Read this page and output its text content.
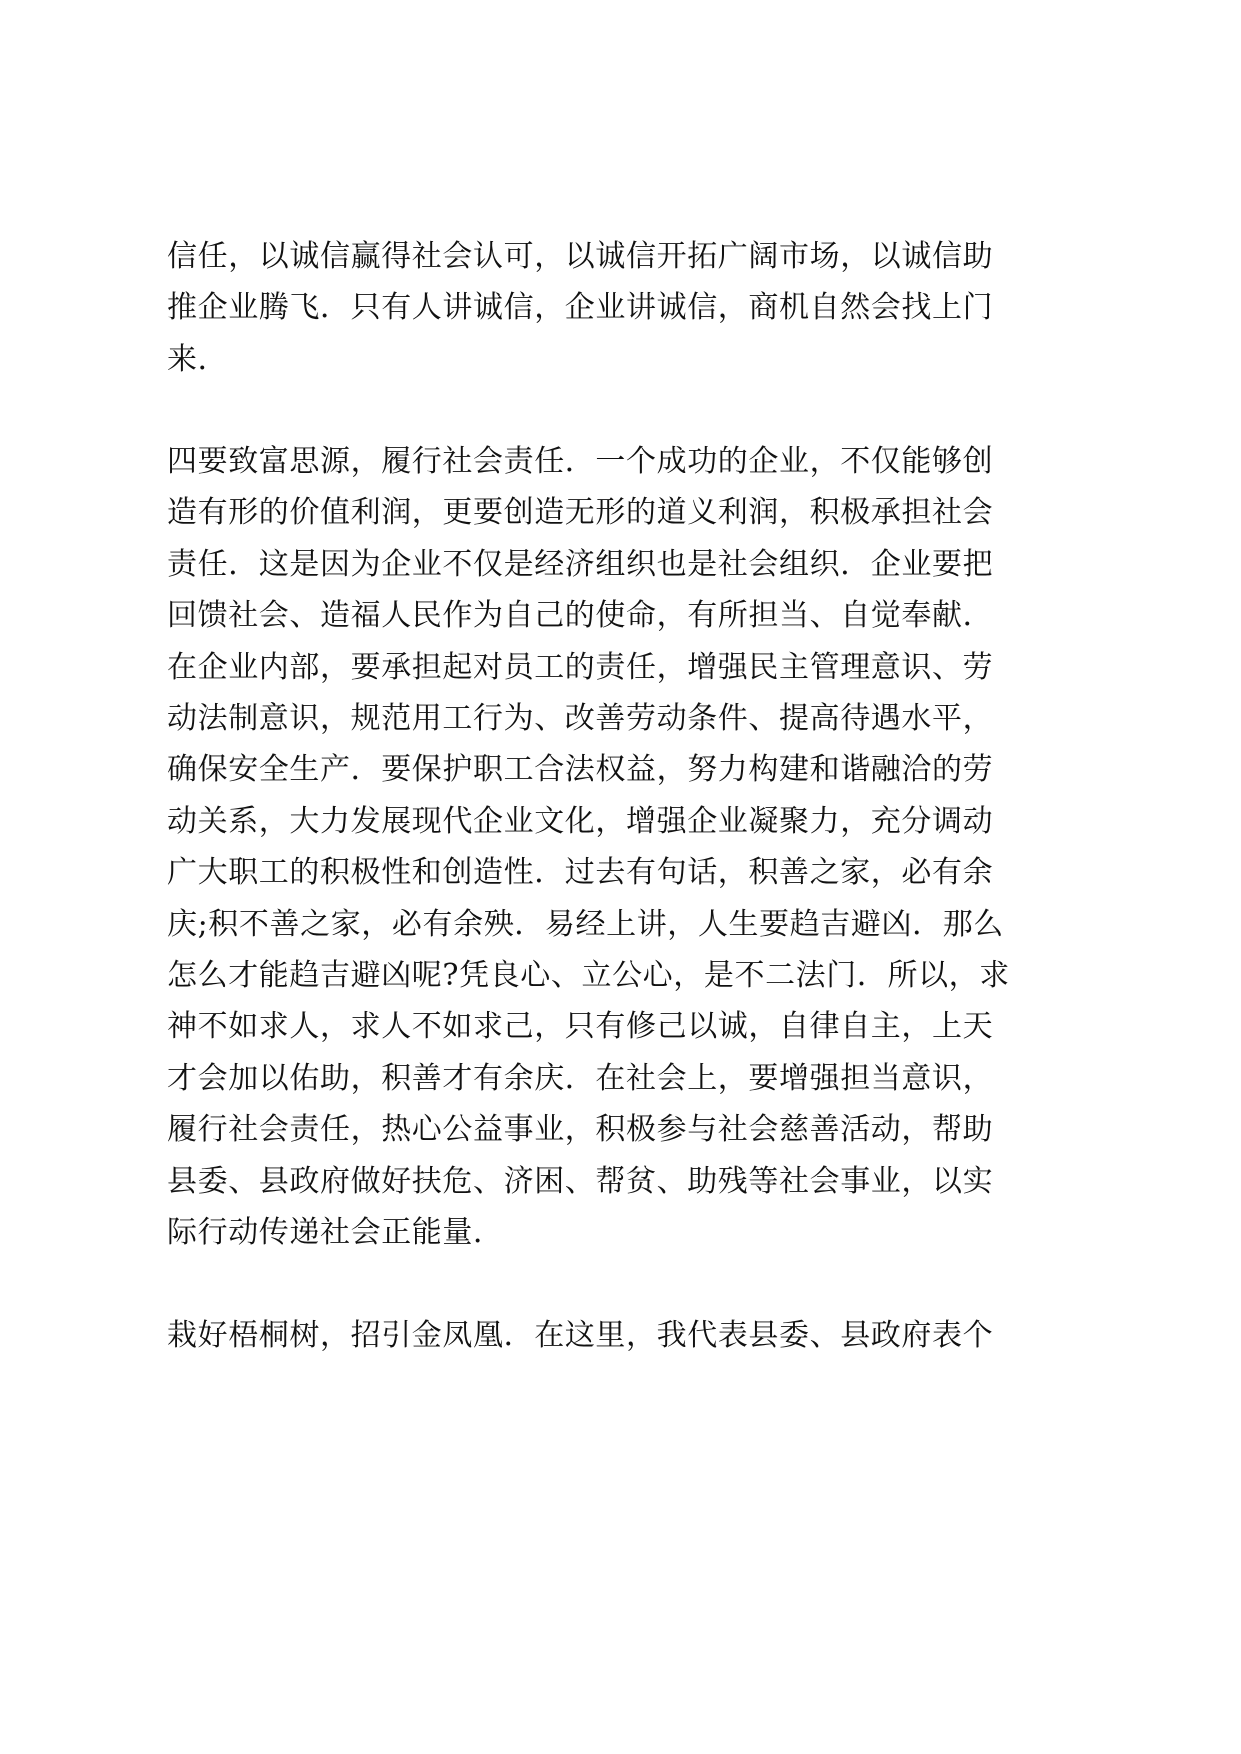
信任，以诚信赢得社会认可，以诚信开拓广阔市场，以诚信助
推企业腾飞．只有人讲诚信，企业讲诚信，商机自然会找上门
来．
四要致富思源，履行社会责任．一个成功的企业，不仅能够创
造有形的价值利润，更要创造无形的道义利润，积极承担社会
责任．这是因为企业不仅是经济组织也是社会组织．企业要把
回馈社会、造福人民作为自己的使命，有所担当、自觉奉献．
在企业内部，要承担起对员工的责任，增强民主管理意识、劳
动法制意识，规范用工行为、改善劳动条件、提高待遇水平，
确保安全生产．要保护职工合法权益，努力构建和谐融洽的劳
动关系，大力发展现代企业文化，增强企业凝聚力，充分调动
广大职工的积极性和创造性．过去有句话，积善之家，必有余
庆;积不善之家，必有余殃．易经上讲，人生要趋吉避凶．那么
怎么才能趋吉避凶呢?凭良心、立公心，是不二法门．所以，求
神不如求人，求人不如求己，只有修己以诚，自律自主，上天
才会加以佑助，积善才有余庆．在社会上，要增强担当意识，
履行社会责任，热心公益事业，积极参与社会慈善活动，帮助
县委、县政府做好扶危、济困、帮贫、助残等社会事业，以实
际行动传递社会正能量．
栽好梧桐树，招引金凤凰．在这里，我代表县委、县政府表个
